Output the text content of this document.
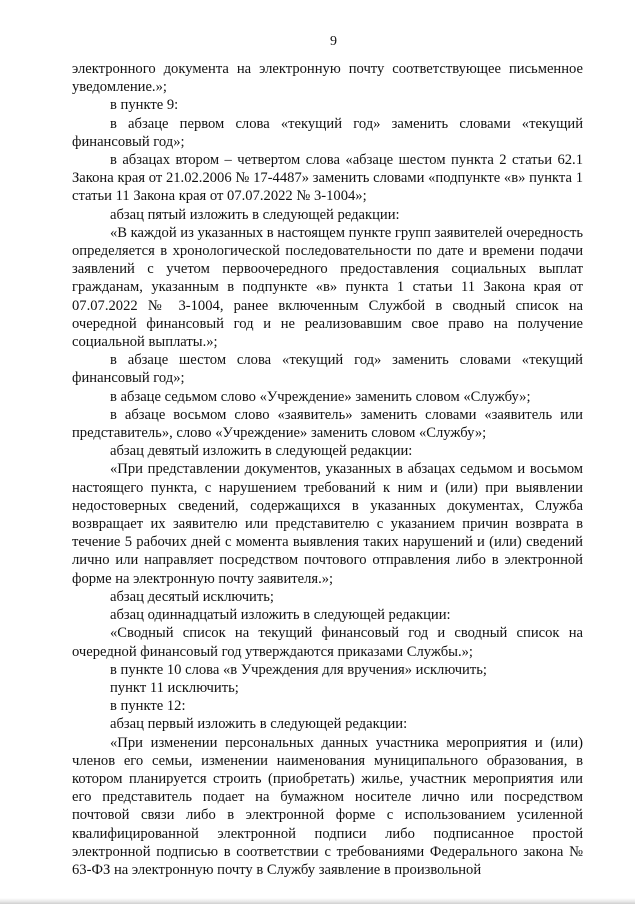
9

электронного документа на электронную почту соответствующее письменное уведомление.»;

в пункте 9:

в абзаце первом слова «текущий год» заменить словами «текущий финансовый год»;

в абзацах втором – четвертом слова «абзаце шестом пункта 2 статьи 62.1 Закона края от 21.02.2006 № 17-4487» заменить словами «подпункте «в» пункта 1 статьи 11 Закона края от 07.07.2022 № 3-1004»;

абзац пятый изложить в следующей редакции:

«В каждой из указанных в настоящем пункте групп заявителей очередность определяется в хронологической последовательности по дате и времени подачи заявлений с учетом первоочередного предоставления социальных выплат гражданам, указанным в подпункте «в» пункта 1 статьи 11 Закона края от 07.07.2022 № 3-1004, ранее включенным Службой в сводный список на очередной финансовый год и не реализовавшим свое право на получение социальной выплаты.»;

в абзаце шестом слова «текущий год» заменить словами «текущий финансовый год»;

в абзаце седьмом слово «Учреждение» заменить словом «Службу»;

в абзаце восьмом слово «заявитель» заменить словами «заявитель или представитель», слово «Учреждение» заменить словом «Службу»;

абзац девятый изложить в следующей редакции:

«При представлении документов, указанных в абзацах седьмом и восьмом настоящего пункта, с нарушением требований к ним и (или) при выявлении недостоверных сведений, содержащихся в указанных документах, Служба возвращает их заявителю или представителю с указанием причин возврата в течение 5 рабочих дней с момента выявления таких нарушений и (или) сведений лично или направляет посредством почтового отправления либо в электронной форме на электронную почту заявителя.»;

абзац десятый исключить;

абзац одиннадцатый изложить в следующей редакции:

«Сводный список на текущий финансовый год и сводный список на очередной финансовый год утверждаются приказами Службы.»;

в пункте 10 слова «в Учреждения для вручения» исключить;

пункт 11 исключить;

в пункте 12:

абзац первый изложить в следующей редакции:

«При изменении персональных данных участника мероприятия и (или) членов его семьи, изменении наименования муниципального образования, в котором планируется строить (приобретать) жилье, участник мероприятия или его представитель подает на бумажном носителе лично или посредством почтовой связи либо в электронной форме с использованием усиленной квалифицированной электронной подписи либо подписанное простой электронной подписью в соответствии с требованиями Федерального закона № 63-ФЗ на электронную почту в Службу заявление в произвольной
